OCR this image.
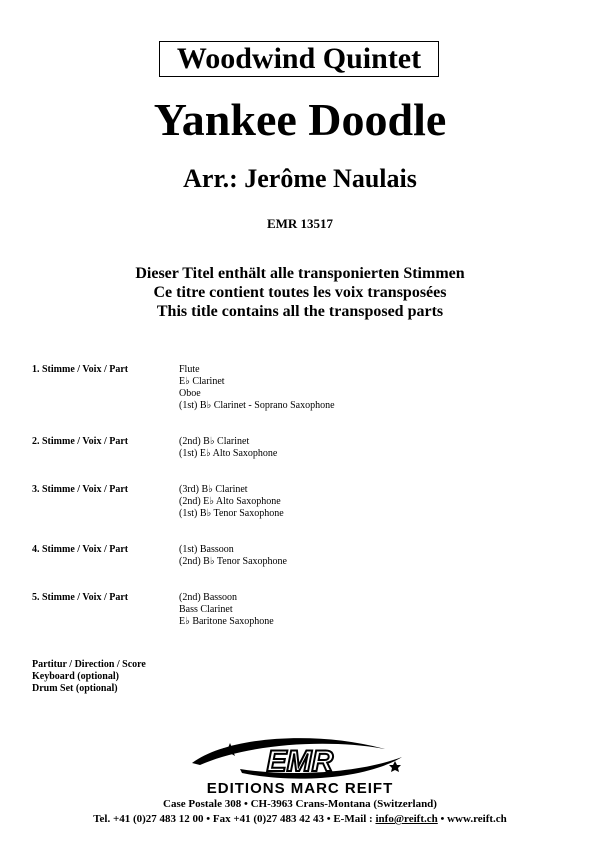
Woodwind Quintet
Yankee Doodle
Arr.: Jerôme Naulais
EMR 13517
Dieser Titel enthält alle transponierten Stimmen
Ce titre contient toutes les voix transposées
This title contains all the transposed parts
1. Stimme / Voix / Part	Flute
E♭ Clarinet
Oboe
(1st) B♭ Clarinet - Soprano Saxophone
2. Stimme / Voix / Part	(2nd) B♭ Clarinet
(1st) E♭ Alto Saxophone
3. Stimme / Voix / Part	(3rd) B♭ Clarinet
(2nd) E♭ Alto Saxophone
(1st) B♭ Tenor Saxophone
4. Stimme / Voix / Part	(1st) Bassoon
(2nd) B♭ Tenor Saxophone
5. Stimme / Voix / Part	(2nd) Bassoon
Bass Clarinet
E♭ Baritone Saxophone
Partitur / Direction / Score
Keyboard (optional)
Drum Set (optional)
EMR
EDITIONS MARC REIFT
Case Postale 308 • CH-3963 Crans-Montana (Switzerland)
Tel. +41 (0)27 483 12 00 • Fax +41 (0)27 483 42 43 • E-Mail : info@reift.ch • www.reift.ch
